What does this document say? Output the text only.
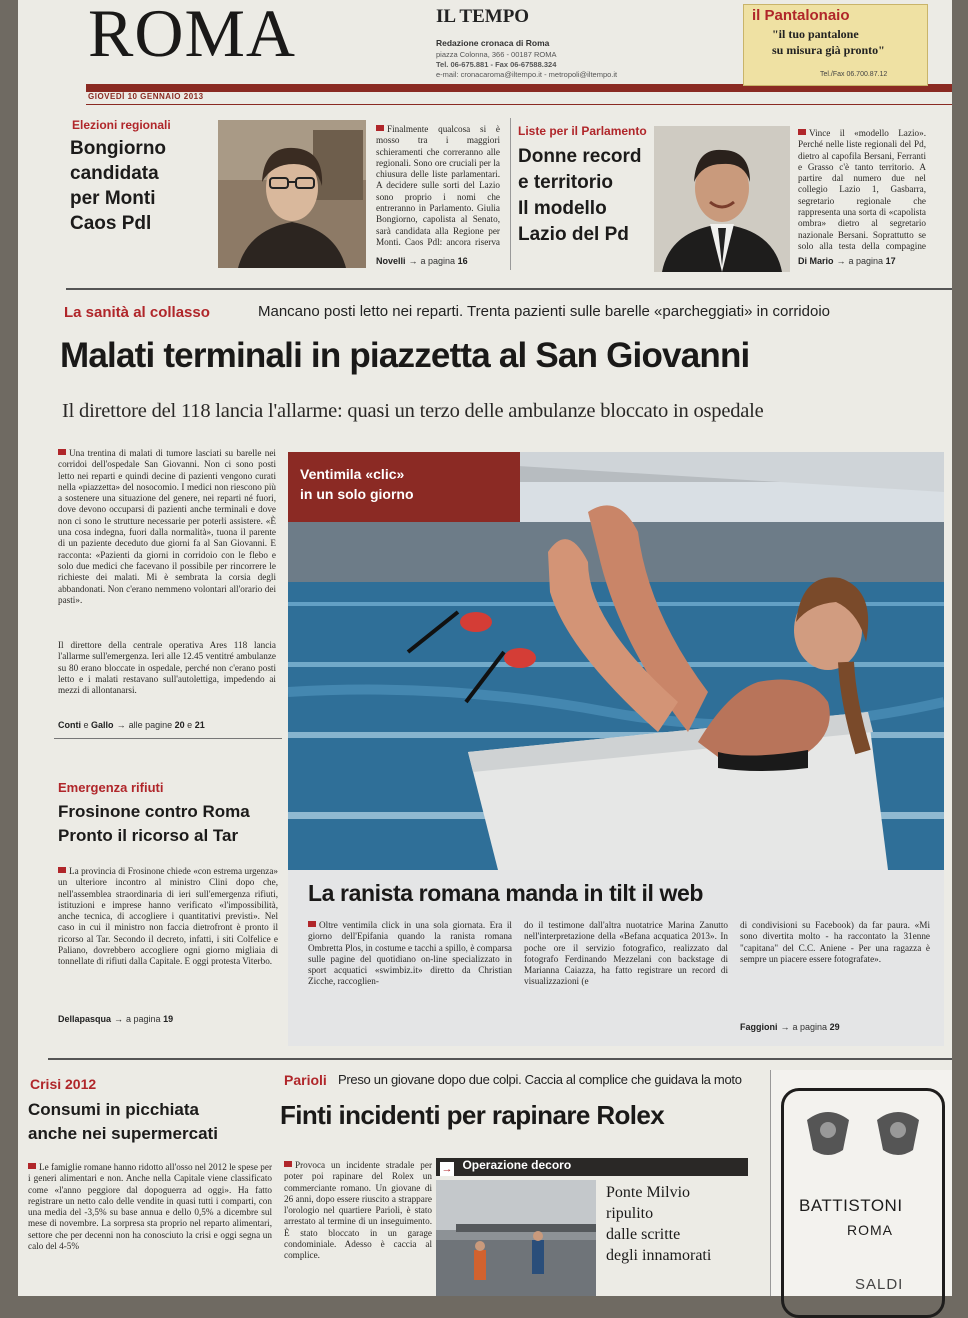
ROMA
GIOVEDÌ 10 GENNAIO 2013
IL TEMPO
Redazione cronaca di Roma
piazza Colonna, 366 - 00187 ROMA
Tel. 06-675.881 - Fax 06-67588.324
e-mail: cronacaroma@iltempo.it - metropoli@iltempo.it
il Pantalonaio
"il tuo pantalone
su misura già pronto"
Tel./Fax 06.700.87.12
Elezioni regionali
Bongiorno
candidata
per Monti
Caos Pdl
Finalmente qualcosa si è mosso tra i maggiori schieramenti che correranno alle regionali. Sono ore cruciali per la chiusura delle liste parlamentari. A decidere sulle sorti del Lazio sono proprio i nomi che entreranno in Parlamento. Giulia Bongiorno, capolista al Senato, sarà candidata alla Regione per Monti. Caos Pdl: ancora riserva
Novelli → a pagina 16
Liste per il Parlamento
Donne record
e territorio
Il modello
Lazio del Pd
Vince il «modello Lazio». Perché nelle liste regionali del Pd, dietro al capofila Bersani, Ferranti e Grasso c'è tanto territorio. A partire dal numero due nel collegio Lazio 1, Gasbarra, segretario regionale che rappresenta una sorta di «capolista ombra» dietro al segretario nazionale Bersani. Soprattutto se solo alla testa della compagine
Di Mario → a pagina 17
La sanità al collasso	Mancano posti letto nei reparti. Trenta pazienti sulle barelle «parcheggiati» in corridoio
Malati terminali in piazzetta al San Giovanni
Il direttore del 118 lancia l'allarme: quasi un terzo delle ambulanze bloccato in ospedale
Una trentina di malati di tumore lasciati su barelle nei corridoi dell'ospedale San Giovanni. Non ci sono posti letto nei reparti e quindi decine di pazienti vengono curati nella «piazzetta» del nosocomio. I medici non riescono più a sostenere una situazione del genere, nei reparti né fuori, dove devono occuparsi di pazienti anche terminali e dove non ci sono le strutture necessarie per poterli assistere. «È una cosa indegna, fuori dalla normalità», tuona il parente di un paziente deceduto due giorni fa al San Giovanni. E racconta: «Pazienti da giorni in corridoio con le flebo e solo due medici che facevano il possibile per rincorrere le richieste dei malati. Mi è sembrata la corsia degli abbandonati. Non c'erano nemmeno volontari all'orario dei pasti».
Il direttore della centrale operativa Ares 118 lancia l'allarme sull'emergenza. Ieri alle 12.45 ventitré ambulanze su 80 erano bloccate in ospedale, perché non c'erano posti letto e i malati restavano sull'autolettiga, impedendo ai mezzi di allontanarsi.
Conti e Gallo → alle pagine 20 e 21
Ventimila «clic»
in un solo giorno
La ranista romana manda in tilt il web
Oltre ventimila click in una sola giornata. Era il giorno dell'Epifania quando la ranista romana Ombretta Plos, in costume e tacchi a spillo, è comparsa sulle pagine del quotidiano on-line specializzato in sport acquatici «swimbiz.it» diretto da Christian Zicche, raccoglien-
do il testimone dall'altra nuotatrice Marina Zanutto nell'interpretazione della «Befana acquatica 2013». In poche ore il servizio fotografico, realizzato dal fotografo Ferdinando Mezzelani con backstage di Marianna Caiazza, ha fatto registrare un record di visualizzazioni (e
di condivisioni su Facebook) da far paura. «Mi sono divertita molto - ha raccontato la 31enne "capitana" del C.C. Aniene - Per una ragazza è sempre un piacere essere fotografate».
Faggioni → a pagina 29
Emergenza rifiuti
Frosinone contro Roma
Pronto il ricorso al Tar
La provincia di Frosinone chiede «con estrema urgenza» un ulteriore incontro al ministro Clini dopo che, nell'assemblea straordinaria di ieri sull'emergenza rifiuti, istituzioni e imprese hanno verificato «l'impossibilità, anche tecnica, di accogliere i quantitativi previsti». Nel caso in cui il ministro non faccia dietrofront è pronto il ricorso al Tar. Secondo il decreto, infatti, i siti Colfelice e Paliano, dovrebbero accogliere ogni giorno migliaia di tonnellate di rifiuti dalla Capitale. E oggi protesta Viterbo.
Dellapasqua → a pagina 19
Crisi 2012
Consumi in picchiata
anche nei supermercati
Le famiglie romane hanno ridotto all'osso nel 2012 le spese per i generi alimentari e non. Anche nella Capitale viene classificato come «l'anno peggiore dal dopoguerra ad oggi». Ha fatto registrare un netto calo delle vendite in quasi tutti i comparti, con una media del -3,5% su base annua e dello 0,5% a dicembre sul mese di novembre. La sorpresa sta proprio nel reparto alimentari, settore che per decenni non ha conosciuto la crisi e oggi segna un calo del 4-5%
Parioli Preso un giovane dopo due colpi. Caccia al complice che guidava la moto
Finti incidenti per rapinare Rolex
Provoca un incidente stradale per poter poi rapinare del Rolex un commerciante romano. Un giovane di 26 anni, dopo essere riuscito a strappare l'orologio nel quartiere Parioli, è stato arrestato al termine di un inseguimento. È stato bloccato in un garage condominiale. Adesso è caccia al complice.
→ Operazione decoro
Ponte Milvio
ripulito
dalle scritte
degli innamorati
BATTISTONI
ROMA
SALDI
